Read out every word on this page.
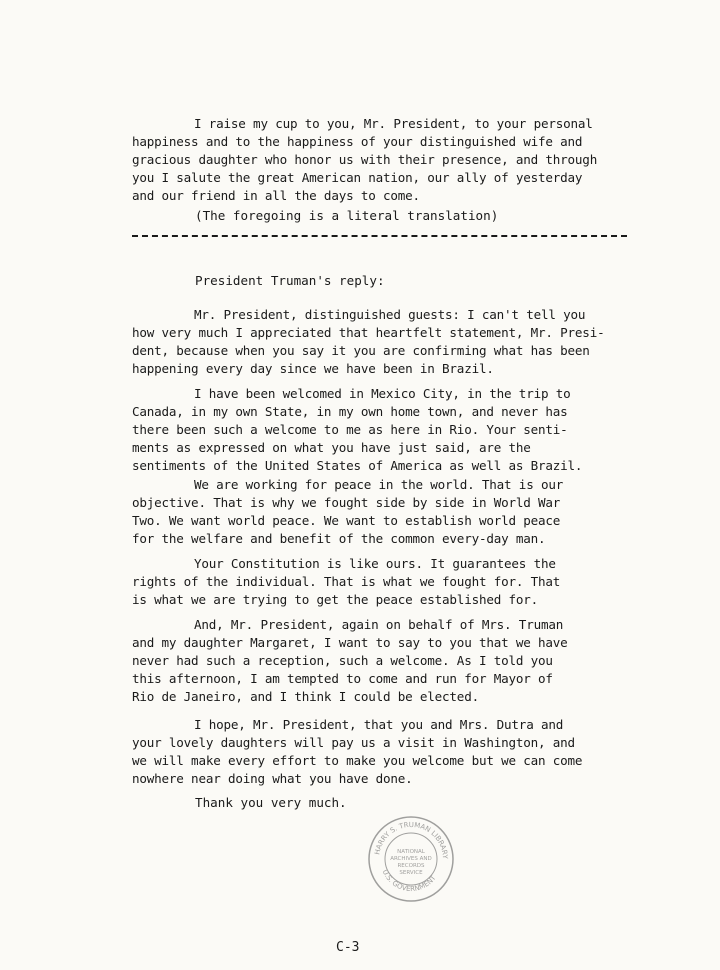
I raise my cup to you, Mr. President, to your personal
happiness and to the happiness of your distinguished wife and
gracious daughter who honor us with their presence, and through
you I salute the great American nation, our ally of yesterday
and our friend in all the days to come.
(The foregoing is a literal translation)
President Truman's reply:
Mr. President, distinguished guests: I can't tell you
how very much I appreciated that heartfelt statement, Mr. Presi-
dent, because when you say it you are confirming what has been
happening every day since we have been in Brazil.
I have been welcomed in Mexico City, in the trip to
Canada, in my own State, in my own home town, and never has
there been such a welcome to me as here in Rio. Your senti-
ments as expressed on what you have just said, are the
sentiments of the United States of America as well as Brazil.
We are working for peace in the world. That is our
objective. That is why we fought side by side in World War
Two. We want world peace. We want to establish world peace
for the welfare and benefit of the common every-day man.
Your Constitution is like ours. It guarantees the
rights of the individual. That is what we fought for. That
is what we are trying to get the peace established for.
And, Mr. President, again on behalf of Mrs. Truman
and my daughter Margaret, I want to say to you that we have
never had such a reception, such a welcome. As I told you
this afternoon, I am tempted to come and run for Mayor of
Rio de Janeiro, and I think I could be elected.
I hope, Mr. President, that you and Mrs. Dutra and
your lovely daughters will pay us a visit in Washington, and
we will make every effort to make you welcome but we can come
nowhere near doing what you have done.
Thank you very much.
HARRY S. TRUMAN LIBRARY
U.S. GOVERNMENT
NATIONAL
ARCHIVES AND
RECORDS
SERVICE
C-3
